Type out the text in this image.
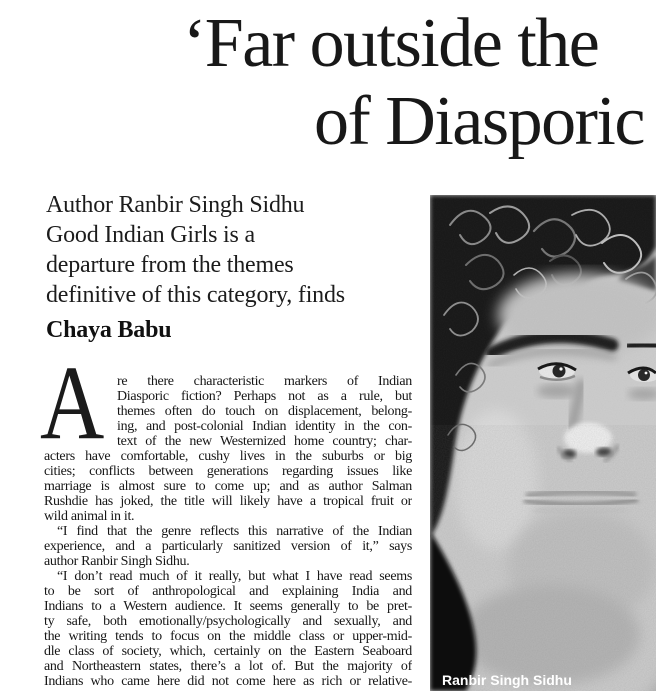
‘Far outside the
of Diasporic
Author Ranbir Singh Sidhu
Good Indian Girls is a
departure from the themes
definitive of this category, finds
Chaya Babu
A re there characteristic markers of Indian
Diasporic fiction? Perhaps not as a rule, but
themes often do touch on displacement, belong-
ing, and post-colonial Indian identity in the con-
text of the new Westernized home country; char-
acters have comfortable, cushy lives in the suburbs or big
cities; conflicts between generations regarding issues like
marriage is almost sure to come up; and as author Salman
Rushdie has joked, the title will likely have a tropical fruit or
wild animal in it.
“I find that the genre reflects this narrative of the Indian
experience, and a particularly sanitized version of it,” says
author Ranbir Singh Sidhu.
“I don’t read much of it really, but what I have read seems
to be sort of anthropological and explaining India and
Indians to a Western audience. It seems generally to be pret-
ty safe, both emotionally/psychologically and sexually, and
the writing tends to focus on the middle class or upper-mid-
dle class of society, which, certainly on the Eastern Seaboard
and Northeastern states, there’s a lot of. But the majority of
Indians who came here did not come here as rich or relative- Ranbir Singh Sidhu
